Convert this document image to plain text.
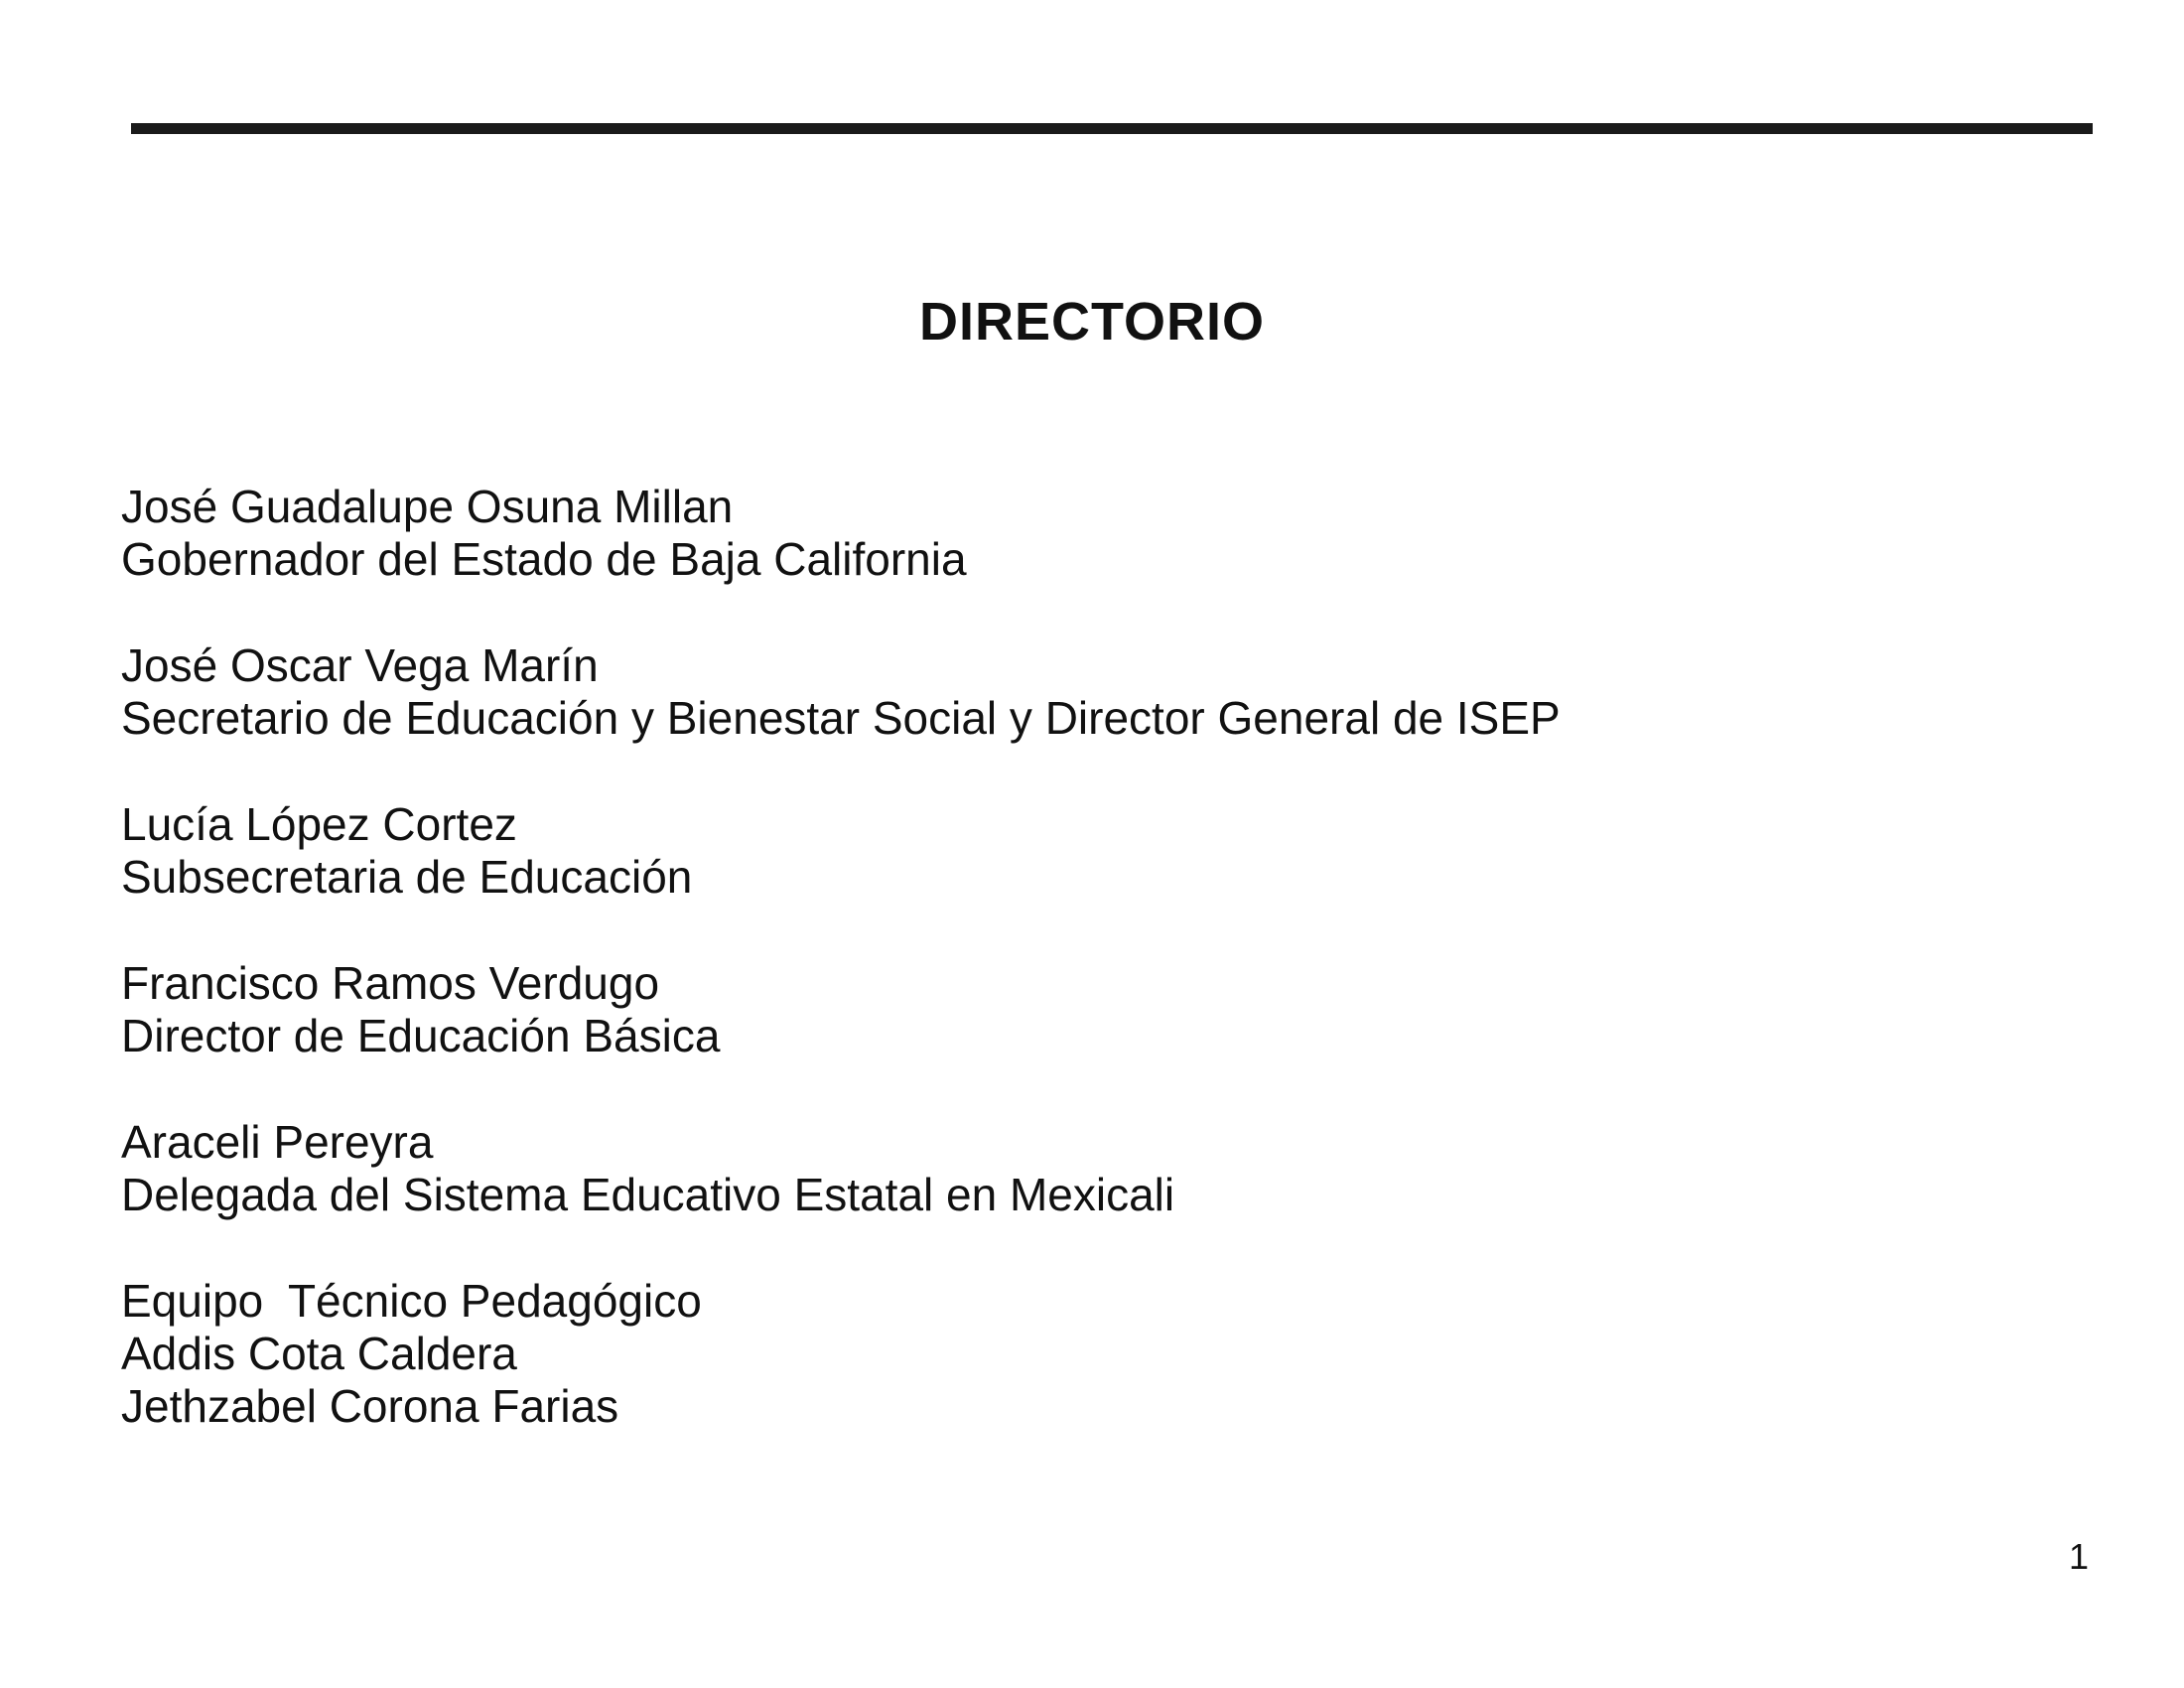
DIRECTORIO
José Guadalupe Osuna Millan
Gobernador del Estado de Baja California
José Oscar Vega Marín
Secretario de Educación y Bienestar Social y Director General de ISEP
Lucía López Cortez
Subsecretaria de Educación
Francisco Ramos Verdugo
Director de Educación Básica
Araceli Pereyra
Delegada del Sistema Educativo Estatal en Mexicali
Equipo  Técnico Pedagógico
Addis Cota Caldera
Jethzabel Corona Farias
1
